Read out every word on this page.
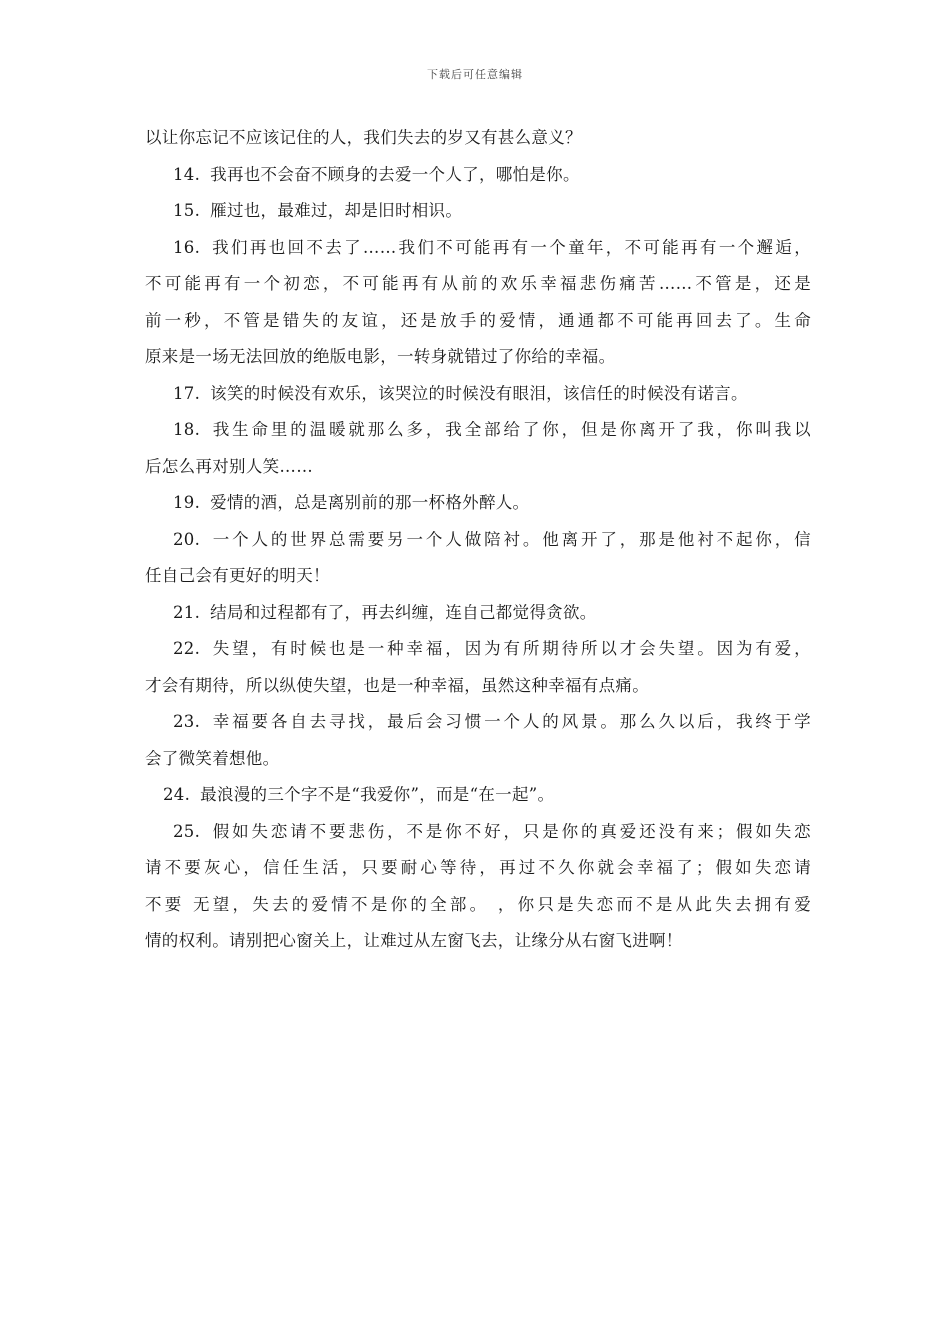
下载后可任意编辑
以让你忘记不应该记住的人，我们失去的岁又有甚么意义？
14. 我再也不会奋不顾身的去爱一个人了，哪怕是你。
15. 雁过也，最难过，却是旧时相识。
16. 我们再也回不去了……我们不可能再有一个童年，不可能再有一个邂逅，
不可能再有一个初恋，不可能再有从前的欢乐幸福悲伤痛苦……不管是，还是
前一秒，不管是错失的友谊，还是放手的爱情，通通都不可能再回去了。生命
原来是一场无法回放的绝版电影，一转身就错过了你给的幸福。
17. 该笑的时候没有欢乐，该哭泣的时候没有眼泪，该信任的时候没有诺言。
18. 我生命里的温暖就那么多，我全部给了你，但是你离开了我，你叫我以
后怎么再对别人笑……
19. 爱情的酒，总是离别前的那一杯格外醉人。
20. 一个人的世界总需要另一个人做陪衬。他离开了，那是他衬不起你，信
任自己会有更好的明天！
21. 结局和过程都有了，再去纠缠，连自己都觉得贪欲。
22. 失望，有时候也是一种幸福，因为有所期待所以才会失望。因为有爱，
才会有期待，所以纵使失望，也是一种幸福，虽然这种幸福有点痛。
23. 幸福要各自去寻找，最后会习惯一个人的风景。那么久以后，我终于学
会了微笑着想他。
24. 最浪漫的三个字不是“我爱你”，而是“在一起”。
25. 假如失恋请不要悲伤，不是你不好，只是你的真爱还没有来；假如失恋
请不要灰心，信任生活，只要耐心等待，再过不久你就会幸福了；假如失恋请
不要 无望，失去的爱情不是你的全部。 ，你只是失恋而不是从此失去拥有爱
情的权利。请别把心窗关上，让难过从左窗飞去，让缘分从右窗飞进啊！
